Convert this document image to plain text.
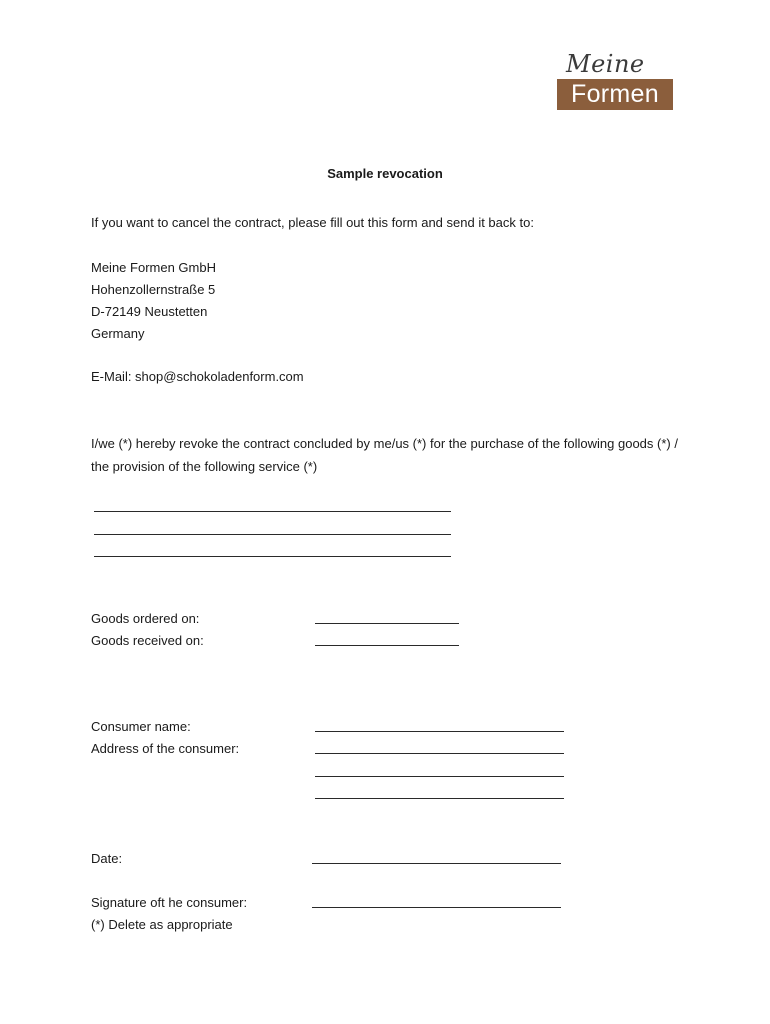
Meine
Formen
Sample revocation
If you want to cancel the contract, please fill out this form and send it back to:
Meine Formen GmbH
Hohenzollernstraße 5
D-72149 Neustetten
Germany
E-Mail: shop@schokoladenform.com
I/we (*) hereby revoke the contract concluded by me/us (*) for the purchase of the following goods (*) / the provision of the following service (*)
Goods ordered on:
Goods received on:
Consumer name:
Address of the consumer:
Date:
Signature oft he consumer:
(*) Delete as appropriate
